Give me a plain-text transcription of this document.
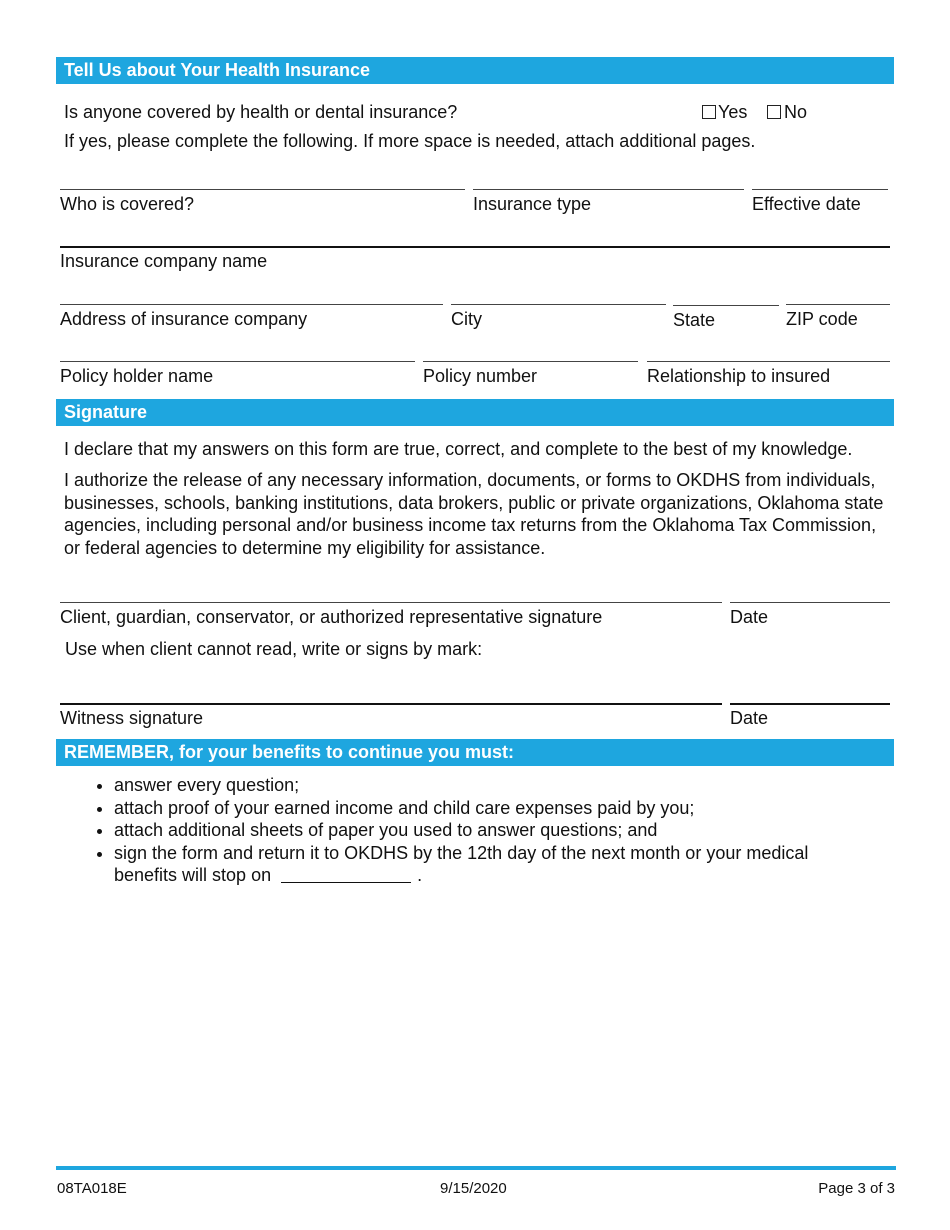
Tell Us about Your Health Insurance
Is anyone covered by health or dental insurance?	Yes No
If yes, please complete the following. If more space is needed, attach additional pages.
Who is covered?	Insurance type	Effective date
Insurance company name
Address of insurance company	City	State	ZIP code
Policy holder name	Policy number	Relationship to insured
Signature
I declare that my answers on this form are true, correct, and complete to the best of my knowledge.
I authorize the release of any necessary information, documents, or forms to OKDHS from individuals, businesses, schools, banking institutions, data brokers, public or private organizations, Oklahoma state agencies, including personal and/or business income tax returns from the Oklahoma Tax Commission, or federal agencies to determine my eligibility for assistance.
Client, guardian, conservator, or authorized representative signature	Date
Use when client cannot read, write or signs by mark:
Witness signature	Date
REMEMBER, for your benefits to continue you must:
• answer every question;
• attach proof of your earned income and child care expenses paid by you;
• attach additional sheets of paper you used to answer questions; and
• sign the form and return it to OKDHS by the 12th day of the next month or your medical benefits will stop on	.
08TA018E	9/15/2020	Page 3 of 3
